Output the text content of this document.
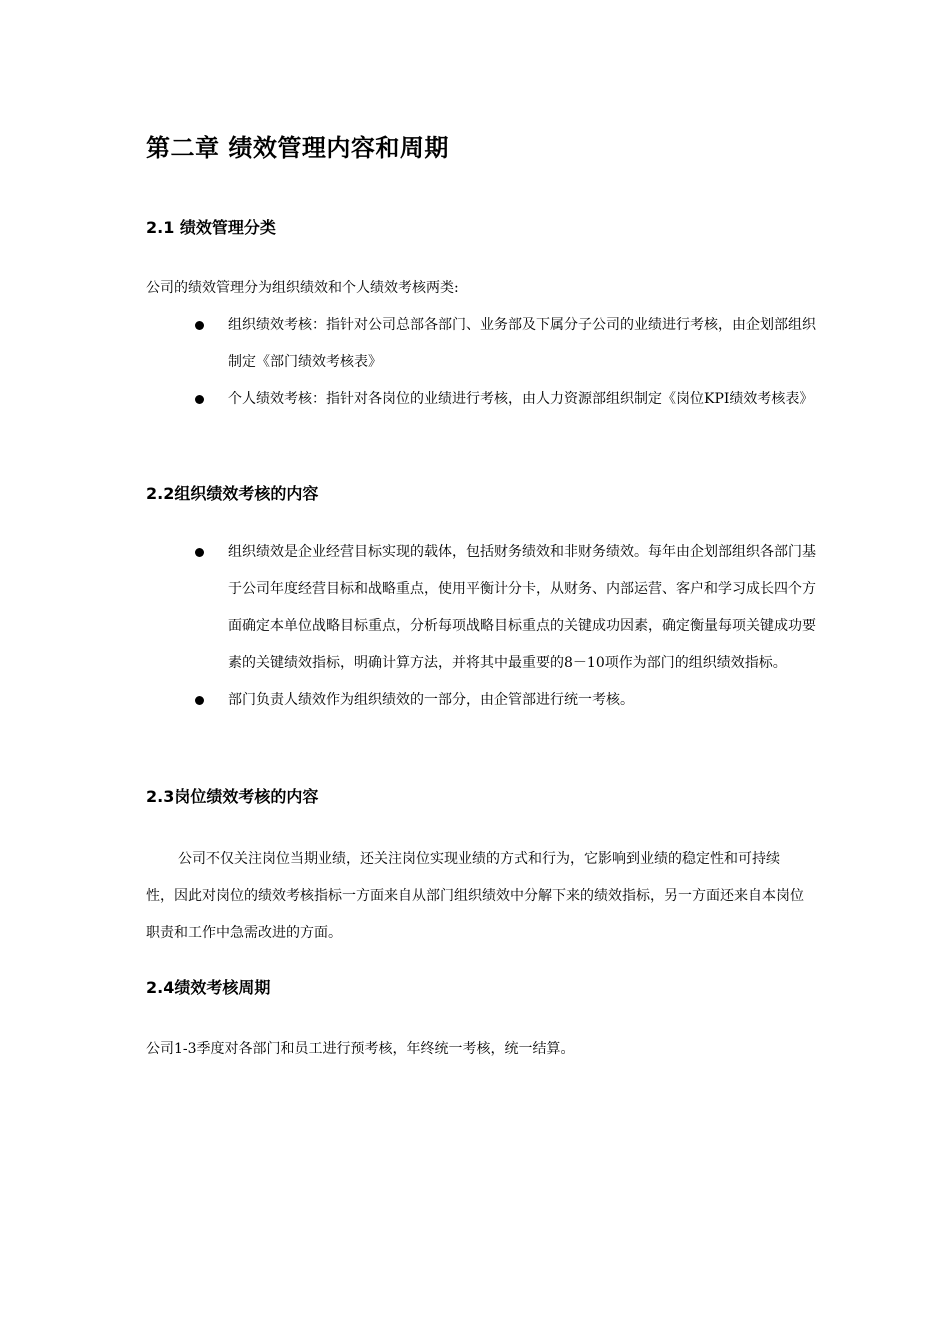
第二章 绩效管理内容和周期
2.1 绩效管理分类

公司的绩效管理分为组织绩效和个人绩效考核两类:

组织绩效考核：指针对公司总部各部门、业务部及下属分子公司的业绩进行考核，由企划部组织制定《部门绩效考核表》
个人绩效考核：指针对各岗位的业绩进行考核，由人力资源部组织制定《岗位KPI绩效考核表》
2.2组织绩效考核的内容
组织绩效是企业经营目标实现的载体，包括财务绩效和非财务绩效。每年由企划部组织各部门基于公司年度经营目标和战略重点，使用平衡计分卡，从财务、内部运营、客户和学习成长四个方面确定本单位战略目标重点，分析每项战略目标重点的关键成功因素，确定衡量每项关键成功要素的关键绩效指标，明确计算方法，并将其中最重要的8－10项作为部门的组织绩效指标。
部门负责人绩效作为组织绩效的一部分，由企管部进行统一考核。
2.3岗位绩效考核的内容

公司不仅关注岗位当期业绩，还关注岗位实现业绩的方式和行为，它影响到业绩的稳定性和可持续性，因此对岗位的绩效考核指标一方面来自从部门组织绩效中分解下来的绩效指标，另一方面还来自本岗位职责和工作中急需改进的方面。

2.4绩效考核周期

公司1-3季度对各部门和员工进行预考核，年终统一考核，统一结算。
